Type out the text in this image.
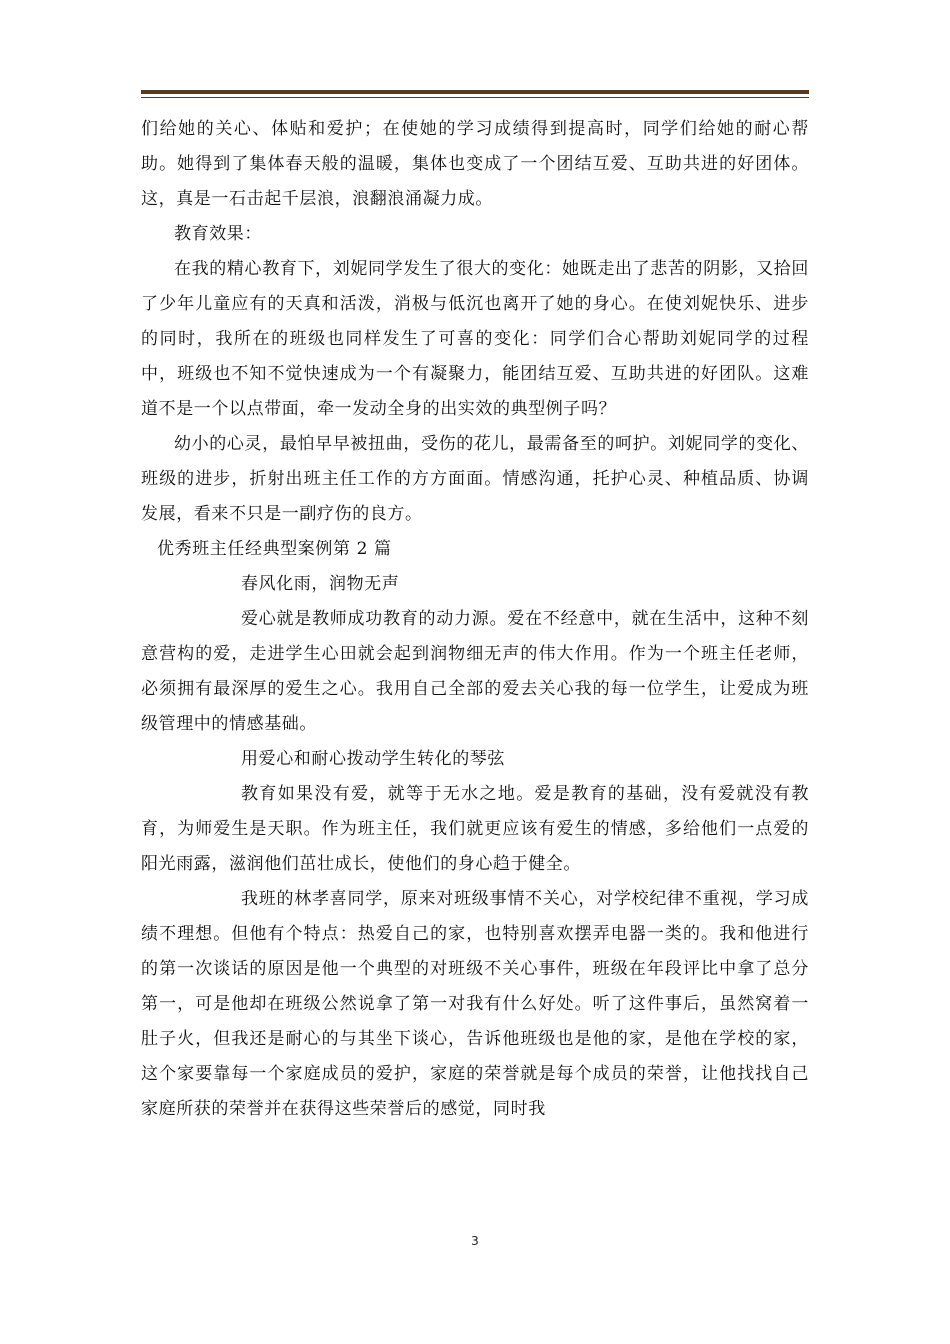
们给她的关心、体贴和爱护；在使她的学习成绩得到提高时，同学们给她的耐心帮助。她得到了集体春天般的温暖，集体也变成了一个团结互爱、互助共进的好团体。这，真是一石击起千层浪，浪翻浪涌凝力成。

教育效果：

在我的精心教育下，刘妮同学发生了很大的变化：她既走出了悲苦的阴影，又拾回了少年儿童应有的天真和活泼，消极与低沉也离开了她的身心。在使刘妮快乐、进步的同时，我所在的班级也同样发生了可喜的变化：同学们合心帮助刘妮同学的过程中，班级也不知不觉快速成为一个有凝聚力，能团结互爱、互助共进的好团队。这难道不是一个以点带面，牵一发动全身的出实效的典型例子吗？

幼小的心灵，最怕早早被扭曲，受伤的花儿，最需备至的呵护。刘妮同学的变化、班级的进步，折射出班主任工作的方方面面。情感沟通，托护心灵、种植品质、协调发展，看来不只是一副疗伤的良方。

优秀班主任经典型案例第 2 篇

春风化雨，润物无声

爱心就是教师成功教育的动力源。爱在不经意中，就在生活中，这种不刻意营构的爱，走进学生心田就会起到润物细无声的伟大作用。作为一个班主任老师，必须拥有最深厚的爱生之心。我用自己全部的爱去关心我的每一位学生，让爱成为班级管理中的情感基础。

用爱心和耐心拨动学生转化的琴弦

教育如果没有爱，就等于无水之地。爱是教育的基础，没有爱就没有教育，为师爱生是天职。作为班主任，我们就更应该有爱生的情感，多给他们一点爱的阳光雨露，滋润他们茁壮成长，使他们的身心趋于健全。

我班的林孝喜同学，原来对班级事情不关心，对学校纪律不重视，学习成绩不理想。但他有个特点：热爱自己的家，也特别喜欢摆弄电器一类的。我和他进行的第一次谈话的原因是他一个典型的对班级不关心事件，班级在年段评比中拿了总分第一，可是他却在班级公然说拿了第一对我有什么好处。听了这件事后，虽然窝着一肚子火，但我还是耐心的与其坐下谈心，告诉他班级也是他的家，是他在学校的家，这个家要靠每一个家庭成员的爱护，家庭的荣誉就是每个成员的荣誉，让他找找自己家庭所获的荣誉并在获得这些荣誉后的感觉，同时我

3
